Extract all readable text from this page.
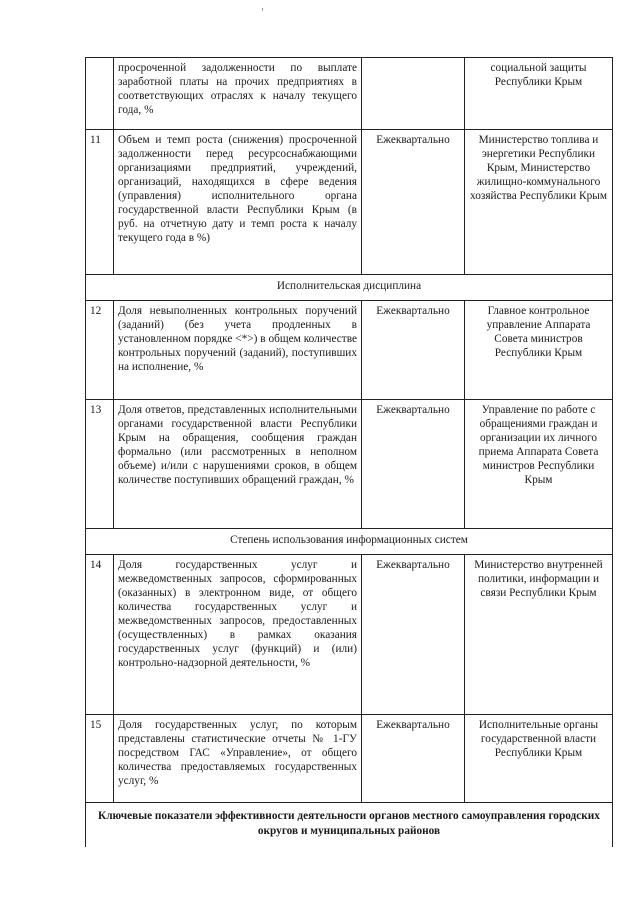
	просроченной задолженности по выплате заработной платы на прочих предприятиях в соответствующих отраслях к началу текущего года, %		социальной защиты Республики Крым
11	Объем и темп роста (снижения) просроченной задолженности перед ресурсоснабжающими организациями предприятий, учреждений, организаций, находящихся в сфере ведения (управления) исполнительного органа государственной власти Республики Крым (в руб. на отчетную дату и темп роста к началу текущего года в %)	Ежеквартально	Министерство топлива и энергетики Республики Крым, Министерство жилищно-коммунального хозяйства Республики Крым
Исполнительская дисциплина			
12	Доля невыполненных контрольных поручений (заданий) (без учета продленных в установленном порядке <*>) в общем количестве контрольных поручений (заданий), поступивших на исполнение, %	Ежеквартально	Главное контрольное управление Аппарата Совета министров Республики Крым
13	Доля ответов, представленных исполнительными органами государственной власти Республики Крым на обращения, сообщения граждан формально (или рассмотренных в неполном объеме) и/или с нарушениями сроков, в общем количестве поступивших обращений граждан, %	Ежеквартально	Управление по работе с обращениями граждан и организации их личного приема Аппарата Совета министров Республики Крым
Степень использования информационных систем			
14	Доля государственных услуг и межведомственных запросов, сформированных (оказанных) в электронном виде, от общего количества государственных услуг и межведомственных запросов, предоставленных (осуществленных) в рамках оказания государственных услуг (функций) и (или) контрольно-надзорной деятельности, %	Ежеквартально	Министерство внутренней политики, информации и связи Республики Крым
15	Доля государственных услуг, по которым представлены статистические отчеты № 1-ГУ посредством ГАС «Управление», от общего количества предоставляемых государственных услуг, %	Ежеквартально	Исполнительные органы государственной власти Республики Крым
Ключевые показатели эффективности деятельности органов местного самоуправления городских округов и муниципальных районов			
